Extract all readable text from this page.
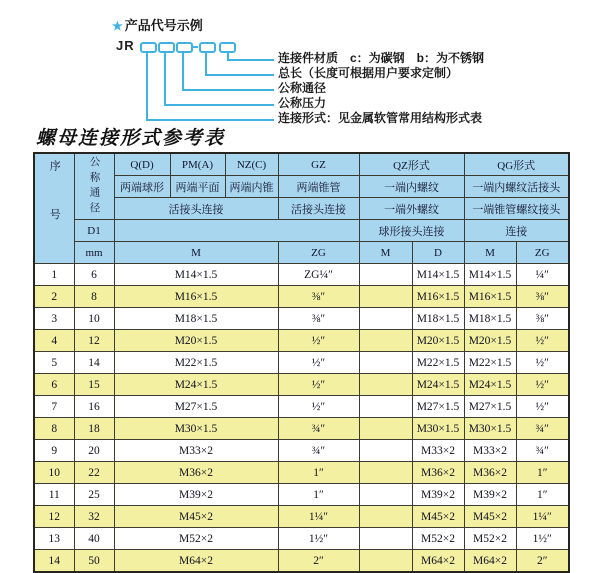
★ 产品代号示例
JR
连接件材质　c：为碳钢　b：为不锈钢
总长（长度可根据用户要求定制）
公称通径
公称压力
连接形式：见金属软管常用结构形式表
螺母连接形式参考表
序号	公称通径	Q(D)	PM(A)	NZ(C)	GZ	QZ形式		QG形式	
		两端球形	两端平面	两端内锥	两端锥管	一端内螺纹		一端内螺纹活接头	
		活接头连接			活接头连接	一端外螺纹		一端锥管螺纹接头	
	D1					球形接头连接		连接	
	mm	M			ZG	M	D	M	ZG
1	6	M14×1.5			ZG¼″		M14×1.5	M14×1.5	¼″
2	8	M16×1.5			⅜″		M16×1.5	M16×1.5	⅜″
3	10	M18×1.5			⅜″		M18×1.5	M18×1.5	⅜″
4	12	M20×1.5			½″		M20×1.5	M20×1.5	½″
5	14	M22×1.5			½″		M22×1.5	M22×1.5	½″
6	15	M24×1.5			½″		M24×1.5	M24×1.5	½″
7	16	M27×1.5			½″		M27×1.5	M27×1.5	½″
8	18	M30×1.5			¾″		M30×1.5	M30×1.5	¾″
9	20	M33×2			¾″		M33×2	M33×2	¾″
10	22	M36×2			1″		M36×2	M36×2	1″
11	25	M39×2			1″		M39×2	M39×2	1″
12	32	M45×2			1¼″		M45×2	M45×2	1¼″
13	40	M52×2			1½″		M52×2	M52×2	1½″
14	50	M64×2			2″		M64×2	M64×2	2″
